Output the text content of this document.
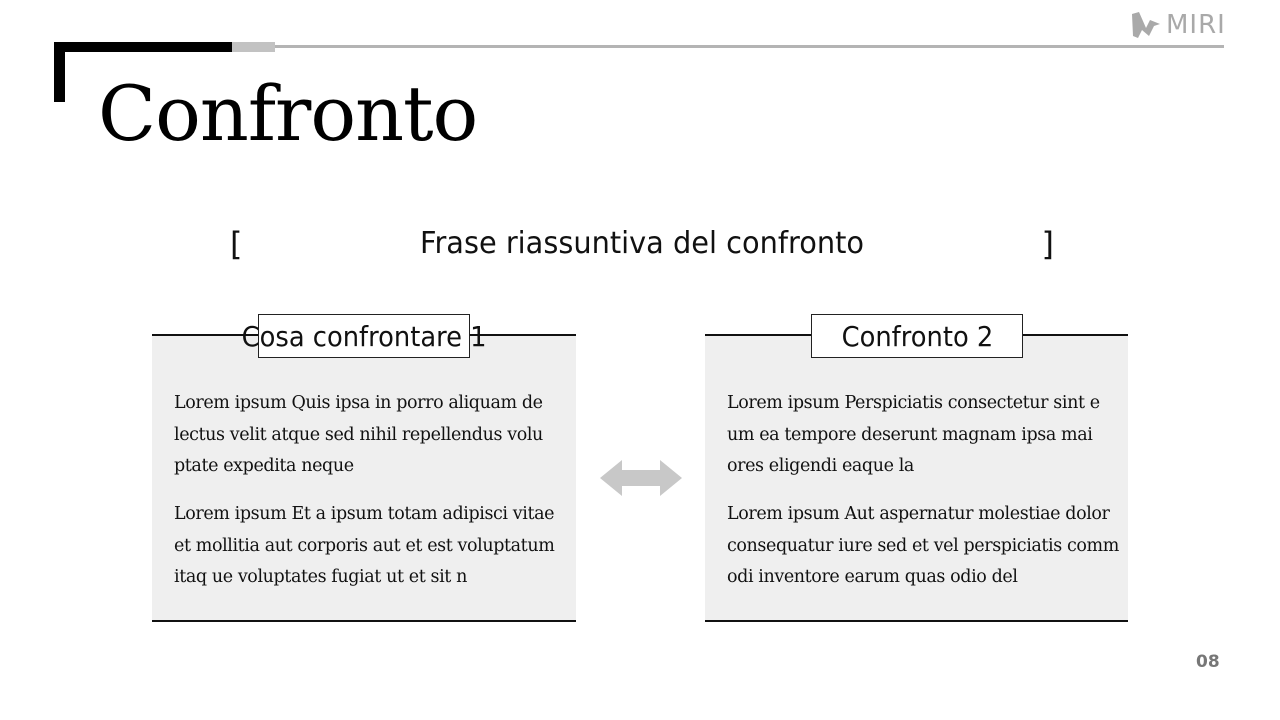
MIRI
Confronto
[	Frase riassuntiva del confronto	]
Cosa confrontare 1
Lorem ipsum Quis ipsa in porro aliquam de lectus velit atque sed nihil repellendus volu ptate expedita neque
Lorem ipsum Et a ipsum totam adipisci vitae et mollitia aut corporis aut et est voluptatum itaq ue voluptates fugiat ut et sit n
Confronto 2
Lorem ipsum Perspiciatis consectetur sint e um ea tempore deserunt magnam ipsa mai ores eligendi eaque la
Lorem ipsum Aut aspernatur molestiae dolor consequatur iure sed et vel perspiciatis comm odi inventore earum quas odio del
08
